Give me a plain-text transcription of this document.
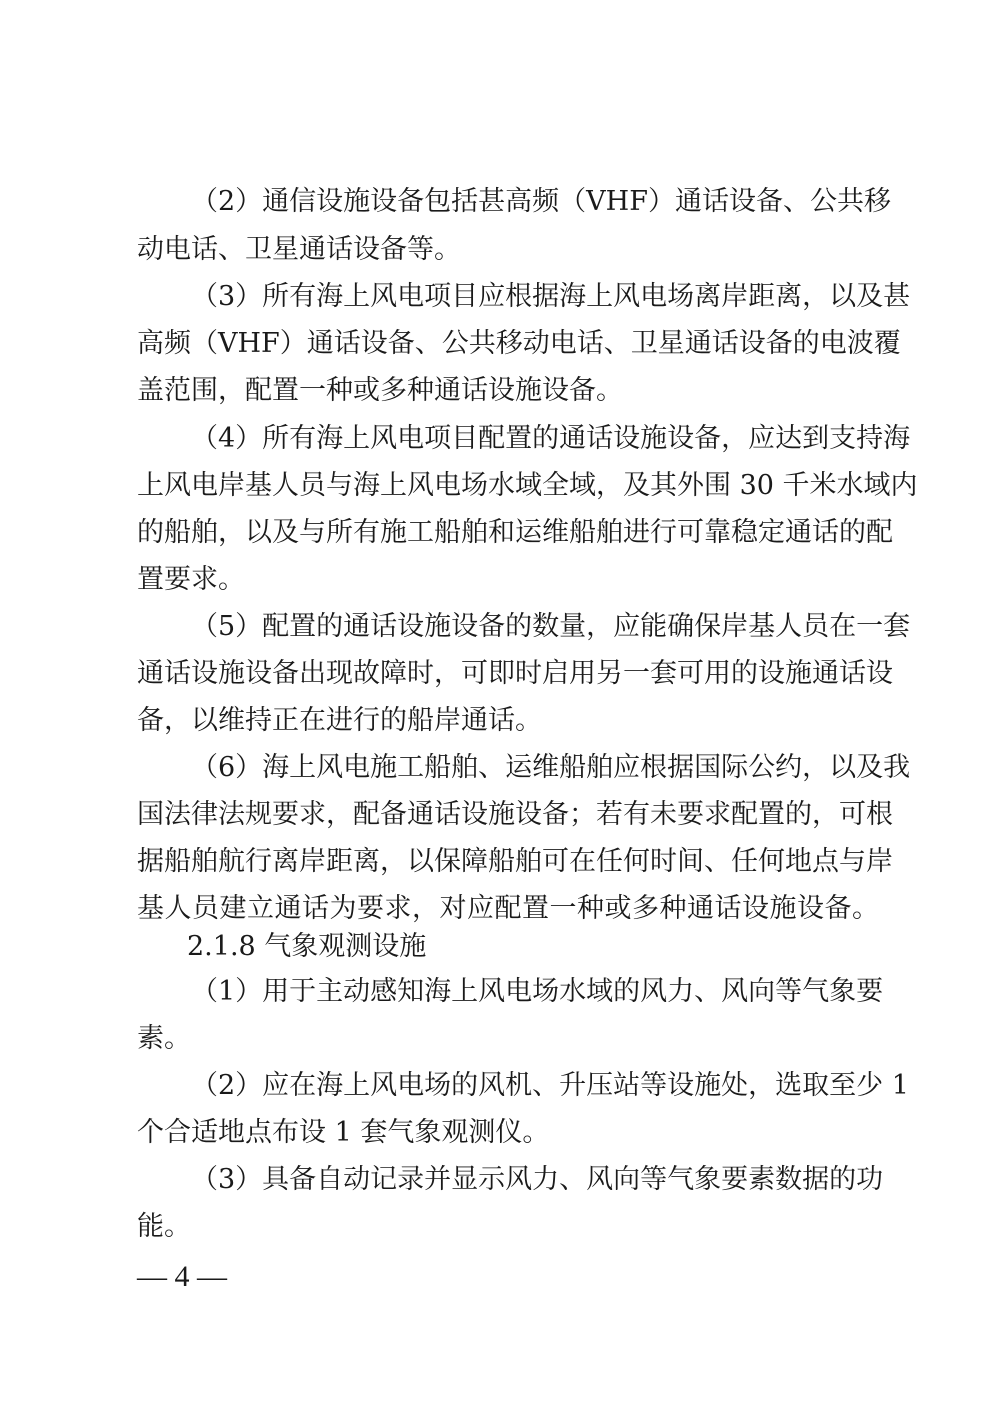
（2）通信设施设备包括甚高频（VHF）通话设备、公共移
动电话、卫星通话设备等。
（3）所有海上风电项目应根据海上风电场离岸距离，以及甚
高频（VHF）通话设备、公共移动电话、卫星通话设备的电波覆
盖范围，配置一种或多种通话设施设备。
（4）所有海上风电项目配置的通话设施设备，应达到支持海
上风电岸基人员与海上风电场水域全域，及其外围 30 千米水域内
的船舶，以及与所有施工船舶和运维船舶进行可靠稳定通话的配
置要求。
（5）配置的通话设施设备的数量，应能确保岸基人员在一套
通话设施设备出现故障时，可即时启用另一套可用的设施通话设
备，以维持正在进行的船岸通话。
（6）海上风电施工船舶、运维船舶应根据国际公约，以及我
国法律法规要求，配备通话设施设备；若有未要求配置的，可根
据船舶航行离岸距离，以保障船舶可在任何时间、任何地点与岸
基人员建立通话为要求，对应配置一种或多种通话设施设备。
2.1.8 气象观测设施
（1）用于主动感知海上风电场水域的风力、风向等气象要
素。
（2）应在海上风电场的风机、升压站等设施处，选取至少 1
个合适地点布设 1 套气象观测仪。
（3）具备自动记录并显示风力、风向等气象要素数据的功
能。
— 4 —
